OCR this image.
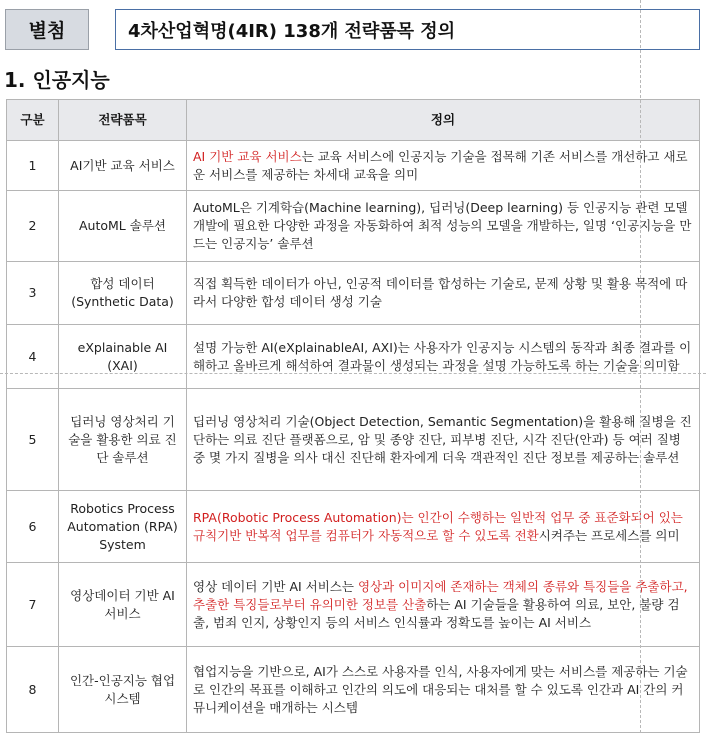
별첨	4차산업혁명(4IR) 138개 전략품목 정의
1. 인공지능
구분	전략품목	정의
1	AI기반 교육 서비스	AI 기반 교육 서비스는 교육 서비스에 인공지능 기술을 접목해 기존 서비스를 개선하고 새로운 서비스를 제공하는 차세대 교육을 의미
2	AutoML 솔루션	AutoML은 기계학습(Machine learning), 딥러닝(Deep learning) 등 인공지능 관련 모델 개발에 필요한 다양한 과정을 자동화하여 최적 성능의 모델을 개발하는, 일명 ‘인공지능을 만드는 인공지능’ 솔루션
3	합성 데이터(Synthetic Data)	직접 획득한 데이터가 아닌, 인공적 데이터를 합성하는 기술로, 문제 상황 및 활용 목적에 따라서 다양한 합성 데이터 생성 기술
4	eXplainable AI (XAI)	설명 가능한 AI(eXplainableAI, AXI)는 사용자가 인공지능 시스템의 동작과 최종 결과를 이해하고 올바르게 해석하여 결과물이 생성되는 과정을 설명 가능하도록 하는 기술을 의미함
5	딥러닝 영상처리 기술을 활용한 의료 진단 솔루션	딥러닝 영상처리 기술(Object Detection, Semantic Segmentation)을 활용해 질병을 진단하는 의료 진단 플랫폼으로, 암 및 종양 진단, 피부병 진단, 시각 진단(안과) 등 여러 질병 중 몇 가지 질병을 의사 대신 진단해 환자에게 더욱 객관적인 진단 정보를 제공하는 솔루션
6	Robotics Process Automation (RPA) System	RPA(Robotic Process Automation)는 인간이 수행하는 일반적 업무 중 표준화되어 있는 규칙기반 반복적 업무를 컴퓨터가 자동적으로 할 수 있도록 전환시켜주는 프로세스를 의미
7	영상데이터 기반 AI 서비스	영상 데이터 기반 AI 서비스는 영상과 이미지에 존재하는 객체의 종류와 특징들을 추출하고, 추출한 특징들로부터 유의미한 정보를 산출하는 AI 기술들을 활용하여 의료, 보안, 불량 검출, 범죄 인지, 상황인지 등의 서비스 인식률과 정확도를 높이는 AI 서비스
8	인간-인공지능 협업 시스템	협업지능을 기반으로, AI가 스스로 사용자를 인식, 사용자에게 맞는 서비스를 제공하는 기술로 인간의 목표를 이해하고 인간의 의도에 대응되는 대처를 할 수 있도록 인간과 AI 간의 커뮤니케이션을 매개하는 시스템
